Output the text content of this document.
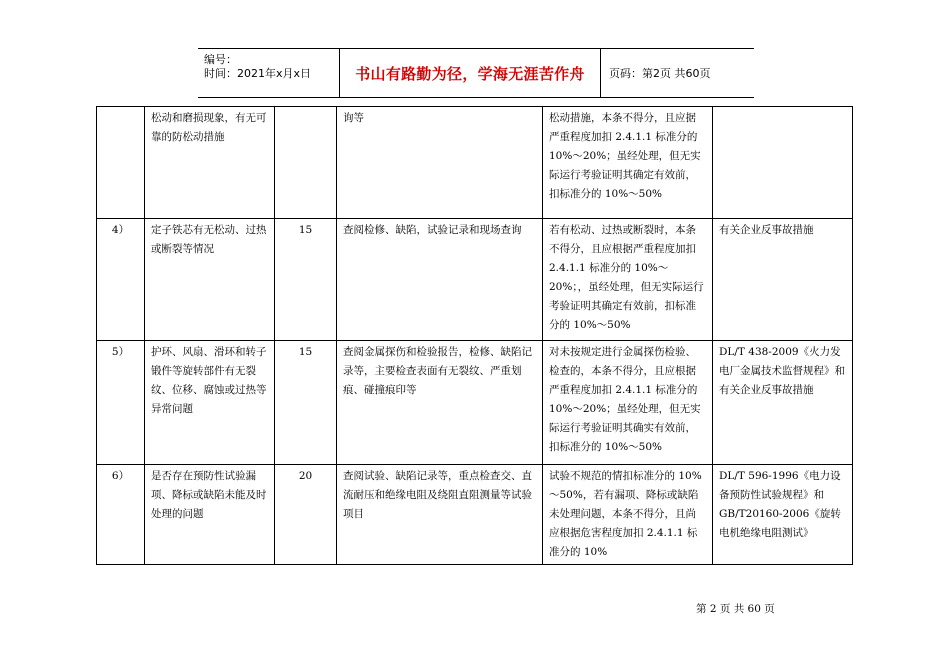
编号：
时间：2021年x月x日	书山有路勤为径，学海无涯苦作舟	页码：第2页 共60页
	松动和磨损现象，有无可靠的防松动措施		询等	松动措施，本条不得分，且应据严重程度加扣 2.4.1.1 标准分的 10%～20%；虽经处理，但无实际运行考验证明其确定有效前，扣标准分的 10%～50%	
4）	定子铁芯有无松动、过热或断裂等情况	15	查阅检修、缺陷，试验记录和现场查询	若有松动、过热或断裂时，本条不得分，且应根据严重程度加扣 2.4.1.1 标准分的 10%～20%；，虽经处理，但无实际运行考验证明其确定有效前，扣标准分的 10%～50%	有关企业反事故措施
5）	护环、风扇、滑环和转子锻件等旋转部件有无裂纹、位移、腐蚀或过热等异常问题	15	查阅金属探伤和检验报告，检修、缺陷记录等，主要检查表面有无裂纹、严重划痕、碰撞痕印等	对未按规定进行金属探伤检验、检查的，本条不得分，且应根据严重程度加扣 2.4.1.1 标准分的 10%～20%；虽经处理，但无实际运行考验证明其确实有效前，扣标准分的 10%～50%	DL/T 438-2009《火力发电厂金属技术监督规程》和有关企业反事故措施
6）	是否存在预防性试验漏项、降标或缺陷未能及时处理的问题	20	查阅试验、缺陷记录等，重点检查交、直流耐压和绝缘电阻及绕阻直阻测量等试验项目	试验不规范的情扣标准分的 10%～50%，若有漏项、降标或缺陷未处理问题，本条不得分，且尚应根据危害程度加扣 2.4.1.1 标准分的 10%	DL/T 596-1996《电力设备预防性试验规程》和 GB/T20160-2006《旋转电机绝缘电阻测试》
第 2 页 共 60 页
